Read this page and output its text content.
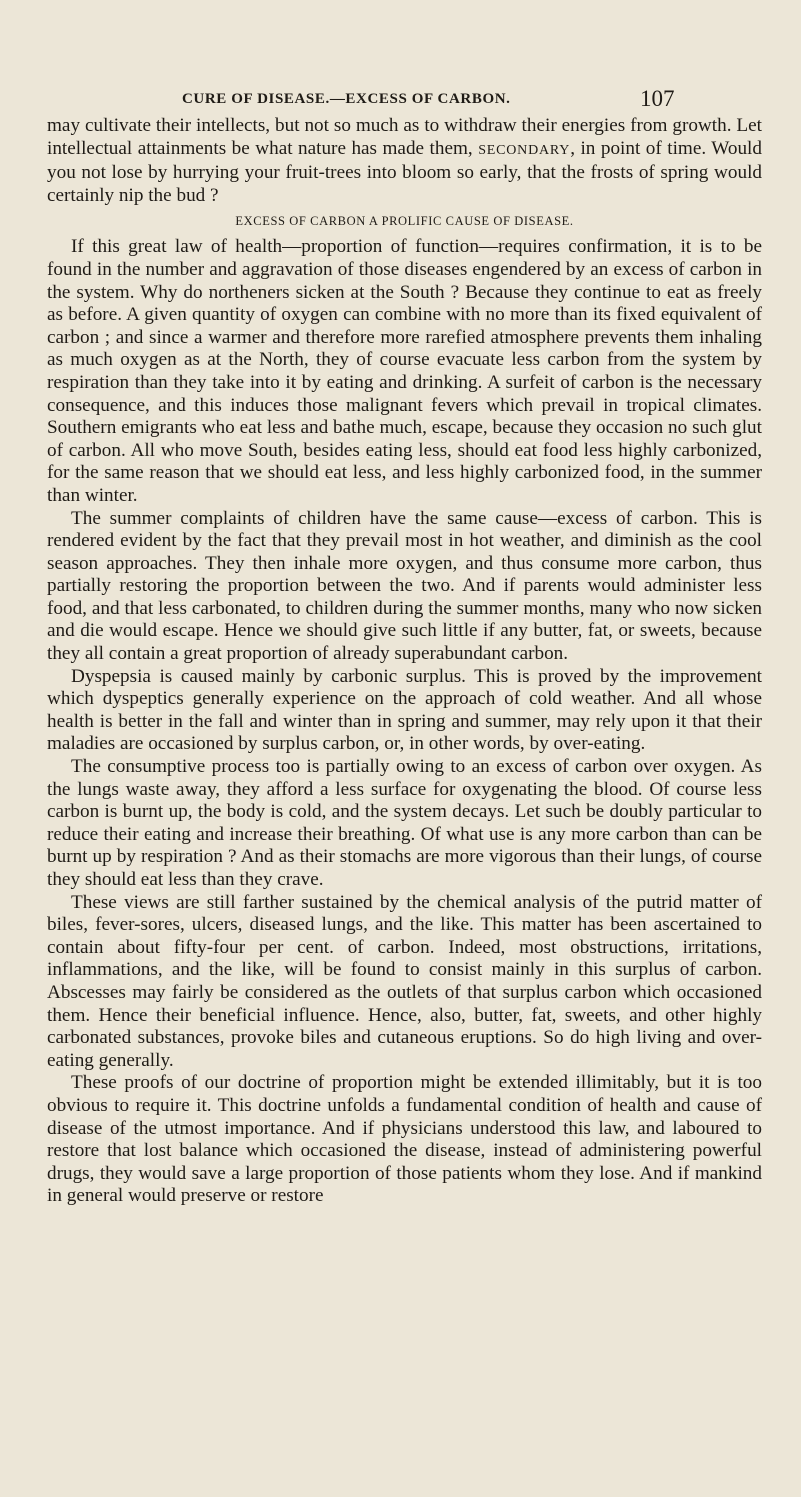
CURE OF DISEASE.—EXCESS OF CARBON.	107

may cultivate their intellects, but not so much as to withdraw their energies from growth. Let intellectual attainments be what nature has made them, SECONDARY, in point of time. Would you not lose by hurrying your fruit-trees into bloom so early, that the frosts of spring would certainly nip the bud ?

EXCESS OF CARBON A PROLIFIC CAUSE OF DISEASE.

If this great law of health—proportion of function—requires confirmation, it is to be found in the number and aggravation of those diseases engendered by an excess of carbon in the system. Why do northeners sicken at the South ? Because they continue to eat as freely as before. A given quantity of oxygen can combine with no more than its fixed equivalent of carbon ; and since a warmer and therefore more rarefied atmosphere prevents them inhaling as much oxygen as at the North, they of course evacuate less carbon from the system by respiration than they take into it by eating and drinking. A surfeit of carbon is the necessary consequence, and this induces those malignant fevers which prevail in tropical climates. Southern emigrants who eat less and bathe much, escape, because they occasion no such glut of carbon. All who move South, besides eating less, should eat food less highly carbonized, for the same reason that we should eat less, and less highly carbonized food, in the summer than winter.

The summer complaints of children have the same cause—excess of carbon. This is rendered evident by the fact that they prevail most in hot weather, and diminish as the cool season approaches. They then inhale more oxygen, and thus consume more carbon, thus partially restoring the proportion between the two. And if parents would administer less food, and that less carbonated, to children during the summer months, many who now sicken and die would escape. Hence we should give such little if any butter, fat, or sweets, because they all contain a great proportion of already superabundant carbon.

Dyspepsia is caused mainly by carbonic surplus. This is proved by the improvement which dyspeptics generally experience on the approach of cold weather. And all whose health is better in the fall and winter than in spring and summer, may rely upon it that their maladies are occasioned by surplus carbon, or, in other words, by over-eating.

The consumptive process too is partially owing to an excess of carbon over oxygen. As the lungs waste away, they afford a less surface for oxygenating the blood. Of course less carbon is burnt up, the body is cold, and the system decays. Let such be doubly particular to reduce their eating and increase their breathing. Of what use is any more carbon than can be burnt up by respiration ? And as their stomachs are more vigorous than their lungs, of course they should eat less than they crave.

These views are still farther sustained by the chemical analysis of the putrid matter of biles, fever-sores, ulcers, diseased lungs, and the like. This matter has been ascertained to contain about fifty-four per cent. of carbon. Indeed, most obstructions, irritations, inflammations, and the like, will be found to consist mainly in this surplus of carbon. Abscesses may fairly be considered as the outlets of that surplus carbon which occasioned them. Hence their beneficial influence. Hence, also, butter, fat, sweets, and other highly carbonated substances, provoke biles and cutaneous eruptions. So do high living and over-eating generally.

These proofs of our doctrine of proportion might be extended illimitably, but it is too obvious to require it. This doctrine unfolds a fundamental condition of health and cause of disease of the utmost importance. And if physicians understood this law, and laboured to restore that lost balance which occasioned the disease, instead of administering powerful drugs, they would save a large proportion of those patients whom they lose. And if mankind in general would preserve or restore
